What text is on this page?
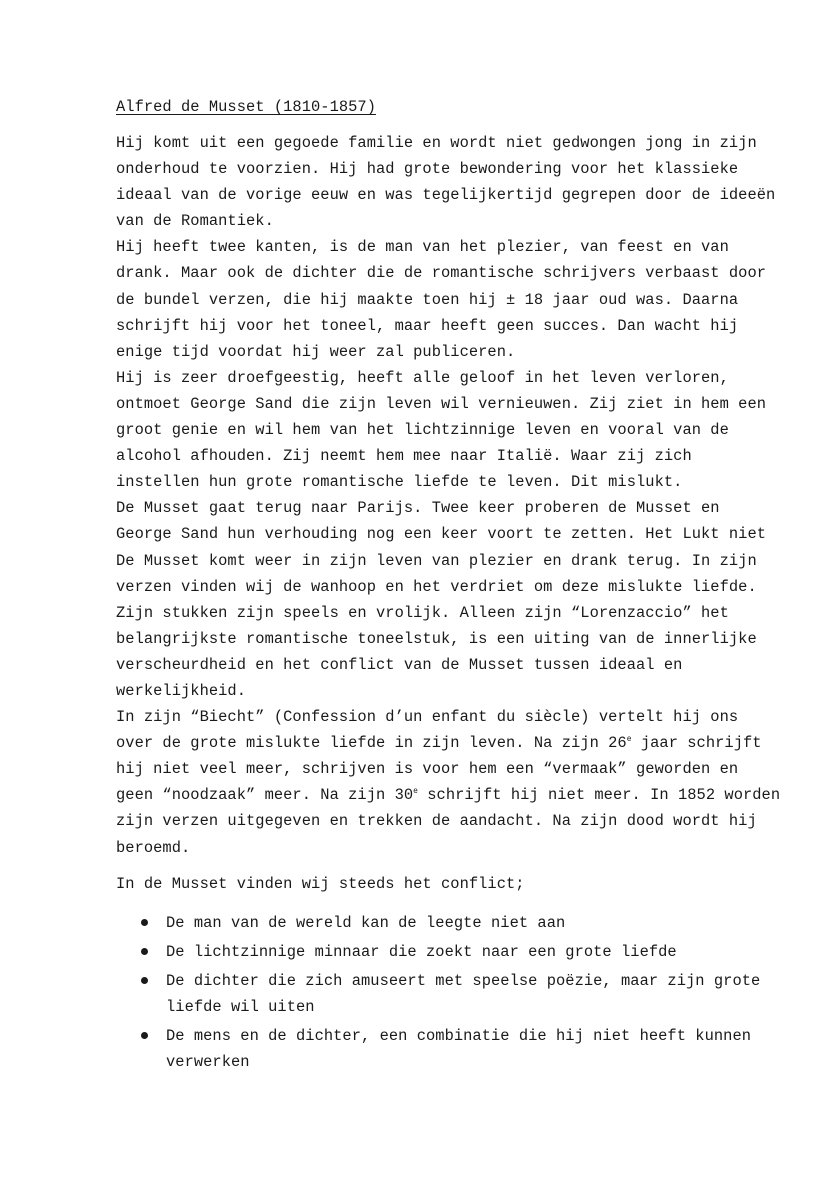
Alfred de Musset (1810-1857)
Hij komt uit een gegoede familie en wordt niet gedwongen jong in zijn
onderhoud te voorzien. Hij had grote bewondering voor het klassieke
ideaal van de vorige eeuw en was tegelijkertijd gegrepen door de ideeën
van de Romantiek.
Hij heeft twee kanten, is de man van het plezier, van feest en van
drank. Maar ook de dichter die de romantische schrijvers verbaast door
de bundel verzen, die hij maakte toen hij ± 18 jaar oud was. Daarna
schrijft hij voor het toneel, maar heeft geen succes. Dan wacht hij
enige tijd voordat hij weer zal publiceren.
Hij is zeer droefgeestig, heeft alle geloof in het leven verloren,
ontmoet George Sand die zijn leven wil vernieuwen. Zij ziet in hem een
groot genie en wil hem van het lichtzinnige leven en vooral van de
alcohol afhouden. Zij neemt hem mee naar Italië. Waar zij zich
instellen hun grote romantische liefde te leven. Dit mislukt.
De Musset gaat terug naar Parijs. Twee keer proberen de Musset en
George Sand hun verhouding nog een keer voort te zetten. Het Lukt niet
De Musset komt weer in zijn leven van plezier en drank terug. In zijn
verzen vinden wij de wanhoop en het verdriet om deze mislukte liefde.
Zijn stukken zijn speels en vrolijk. Alleen zijn “Lorenzaccio” het
belangrijkste romantische toneelstuk, is een uiting van de innerlijke
verscheurdheid en het conflict van de Musset tussen ideaal en
werkelijkheid.
In zijn “Biecht” (Confession d’un enfant du siècle) vertelt hij ons
over de grote mislukte liefde in zijn leven. Na zijn 26e jaar schrijft
hij niet veel meer, schrijven is voor hem een “vermaak” geworden en
geen “noodzaak” meer. Na zijn 30e schrijft hij niet meer. In 1852 worden
zijn verzen uitgegeven en trekken de aandacht. Na zijn dood wordt hij
beroemd.

In de Musset vinden wij steeds het conflict;

De man van de wereld kan de leegte niet aan
De lichtzinnige minnaar die zoekt naar een grote liefde
De dichter die zich amuseert met speelse poëzie, maar zijn grote
liefde wil uiten
De mens en de dichter, een combinatie die hij niet heeft kunnen
verwerken
